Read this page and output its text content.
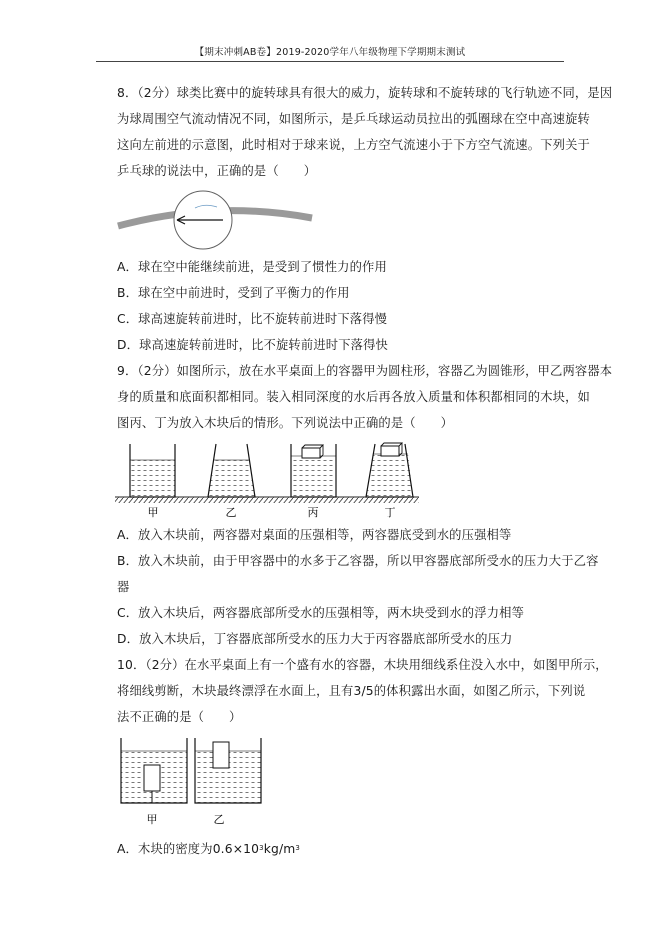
【期末冲刺AB卷】2019-2020学年八年级物理下学期期末测试
8．（2分）球类比赛中的旋转球具有很大的威力，旋转球和不旋转球的飞行轨迹不同，是因
为球周围空气流动情况不同，如图所示，是乒乓球运动员拉出的弧圈球在空中高速旋转
这向左前进的示意图，此时相对于球来说，上方空气流速小于下方空气流速。下列关于
乒乓球的说法中，正确的是（　　）
A．球在空中能继续前进，是受到了惯性力的作用
B．球在空中前进时，受到了平衡力的作用
C．球高速旋转前进时，比不旋转前进时下落得慢
D．球高速旋转前进时，比不旋转前进时下落得快
9．（2分）如图所示，放在水平桌面上的容器甲为圆柱形，容器乙为圆锥形，甲乙两容器本
身的质量和底面积都相同。装入相同深度的水后再各放入质量和体积都相同的木块，如
图丙、丁为放入木块后的情形。下列说法中正确的是（　　）
甲	乙	丙	丁
A．放入木块前，两容器对桌面的压强相等，两容器底受到水的压强相等
B．放入木块前，由于甲容器中的水多于乙容器，所以甲容器底部所受水的压力大于乙容
器
C．放入木块后，两容器底部所受水的压强相等，两木块受到水的浮力相等
D．放入木块后，丁容器底部所受水的压力大于丙容器底部所受水的压力
10．（2分）在水平桌面上有一个盛有水的容器，木块用细线系住没入水中，如图甲所示，
将细线剪断，木块最终漂浮在水面上，且有3/5的体积露出水面，如图乙所示，下列说
法不正确的是（　　）
甲	乙
A．木块的密度为$0.6\times 10^3kg/m^3$
